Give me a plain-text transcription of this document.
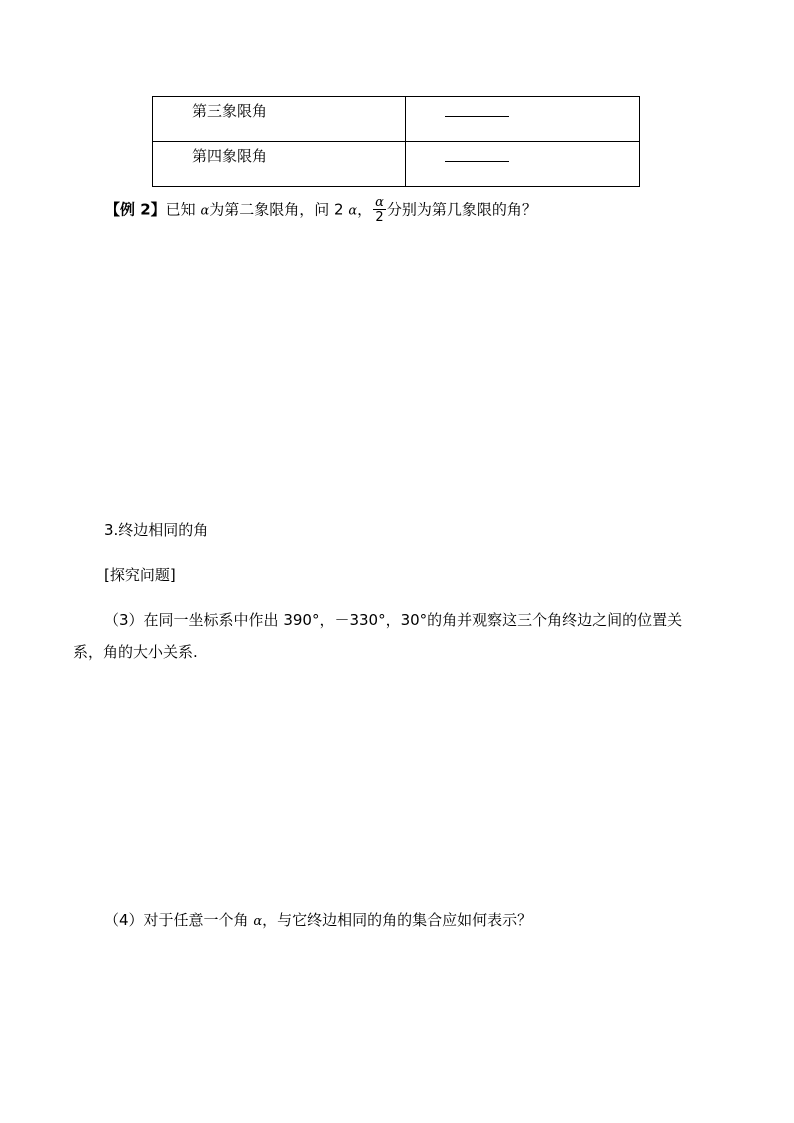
第三象限角	

第四象限角	

【例 2】已知 α为第二象限角，问 2 α， $\frac{\alpha}{2}$ 分别为第几象限的角？
3.终边相同的角
[探究问题]
（3）在同一坐标系中作出 390°，－330°，30°的角并观察这三个角终边之间的位置关
系，角的大小关系.
（4）对于任意一个角 α，与它终边相同的角的集合应如何表示？
